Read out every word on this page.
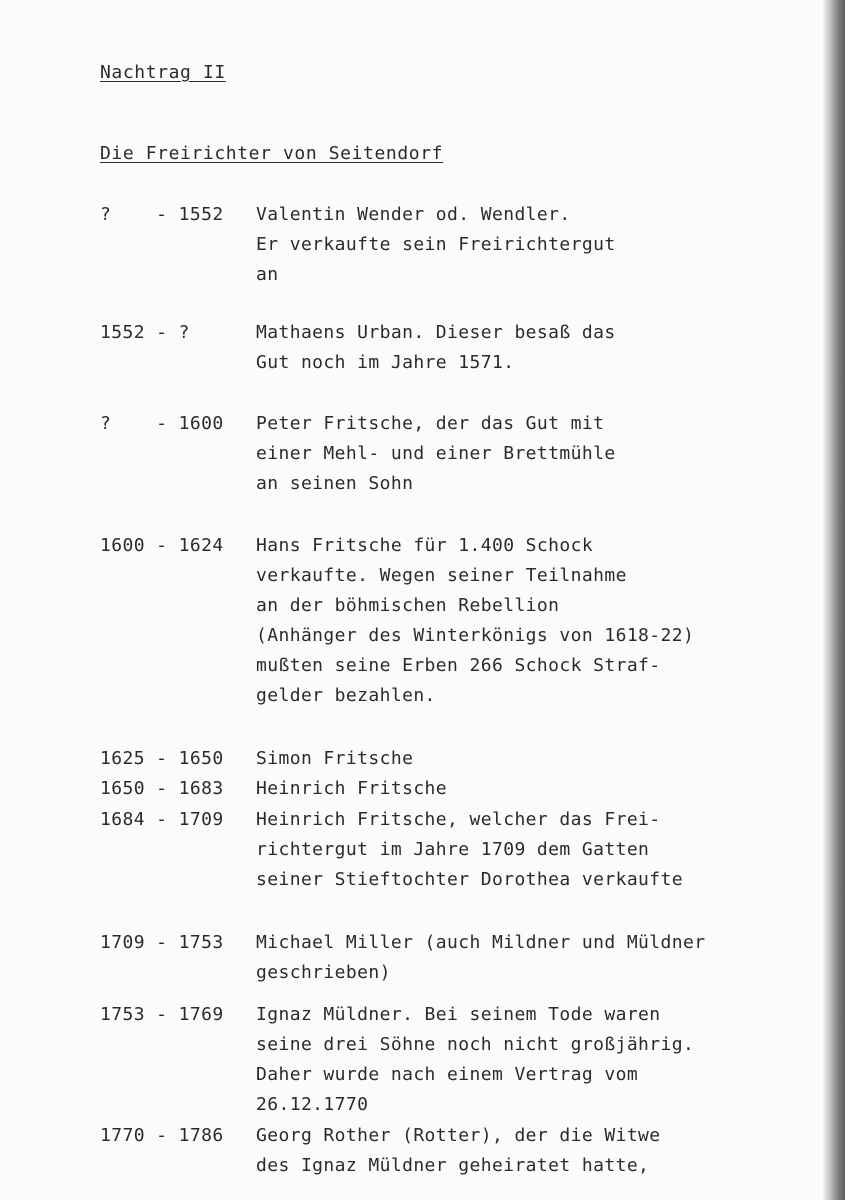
Nachtrag II
Die Freirichter von Seitendorf
?    - 1552	Valentin Wender od. Wendler.
Er verkaufte sein Freirichtergut
an
1552 - ?	Mathaens Urban. Dieser besaß das
Gut noch im Jahre 1571.
?    - 1600	Peter Fritsche, der das Gut mit
einer Mehl- und einer Brettmühle
an seinen Sohn
1600 - 1624	Hans Fritsche für 1.400 Schock
verkaufte. Wegen seiner Teilnahme
an der böhmischen Rebellion
(Anhänger des Winterkönigs von 1618-22)
mußten seine Erben 266 Schock Straf-
gelder bezahlen.
1625 - 1650	Simon Fritsche
1650 - 1683	Heinrich Fritsche
1684 - 1709	Heinrich Fritsche, welcher das Frei-
richtergut im Jahre 1709 dem Gatten
seiner Stieftochter Dorothea verkaufte
1709 - 1753	Michael Miller (auch Mildner und Müldner
geschrieben)
1753 - 1769	Ignaz Müldner. Bei seinem Tode waren
seine drei Söhne noch nicht großjährig.
Daher wurde nach einem Vertrag vom
26.12.1770
1770 - 1786	Georg Rother (Rotter), der die Witwe
des Ignaz Müldner geheiratet hatte,
